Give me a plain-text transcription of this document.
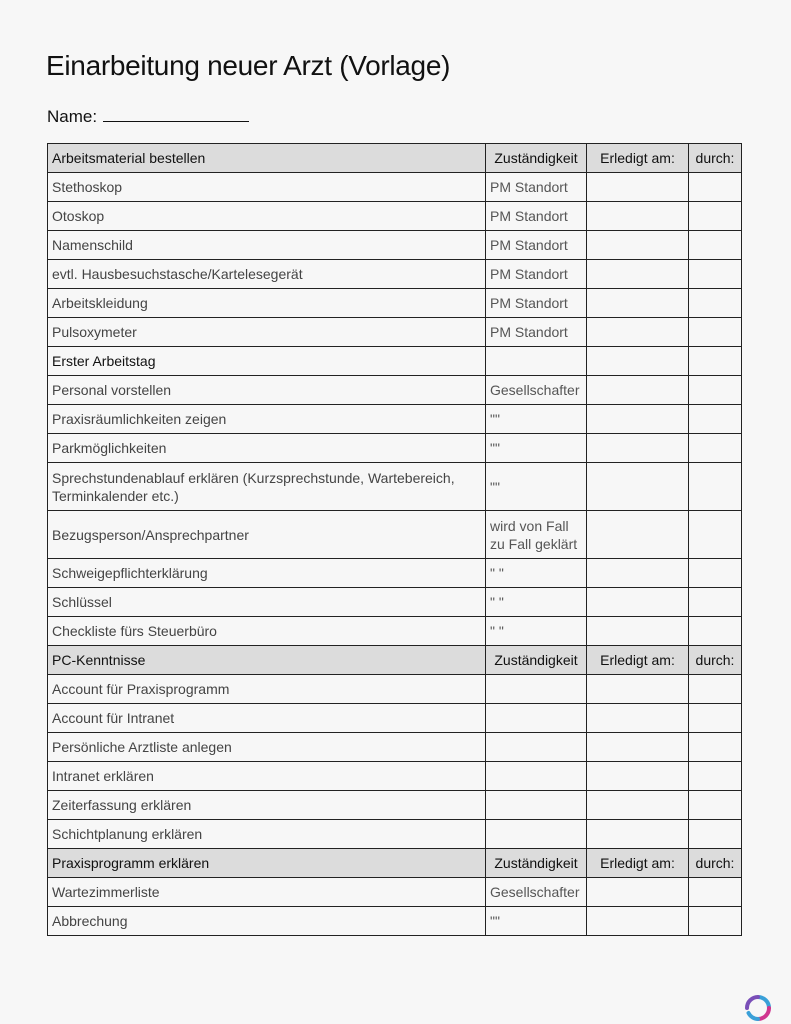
Einarbeitung neuer Arzt (Vorlage)
Name:
Arbeitsmaterial bestellen	Zuständigkeit	Erledigt am:	durch:
Stethoskop	PM Standort		
Otoskop	PM Standort		
Namenschild	PM Standort		
evtl. Hausbesuchstasche/Kartelesegerät	PM Standort		
Arbeitskleidung	PM Standort		
Pulsoxymeter	PM Standort		
Erster Arbeitstag			
Personal vorstellen	Gesellschafter		
Praxisräumlichkeiten zeigen	""		
Parkmöglichkeiten	""		
Sprechstundenablauf erklären (Kurzsprechstunde, Wartebereich, Terminkalender etc.)	""		
Bezugsperson/Ansprechpartner	wird von Fall zu Fall geklärt		
Schweigepflichterklärung	" "		
Schlüssel	" "		
Checkliste fürs Steuerbüro	" "		
PC-Kenntnisse	Zuständigkeit	Erledigt am:	durch:
Account für Praxisprogramm			
Account für Intranet			
Persönliche Arztliste anlegen			
Intranet erklären			
Zeiterfassung erklären			
Schichtplanung erklären			
Praxisprogramm erklären	Zuständigkeit	Erledigt am:	durch:
Wartezimmerliste	Gesellschafter		
Abbrechung	""		
